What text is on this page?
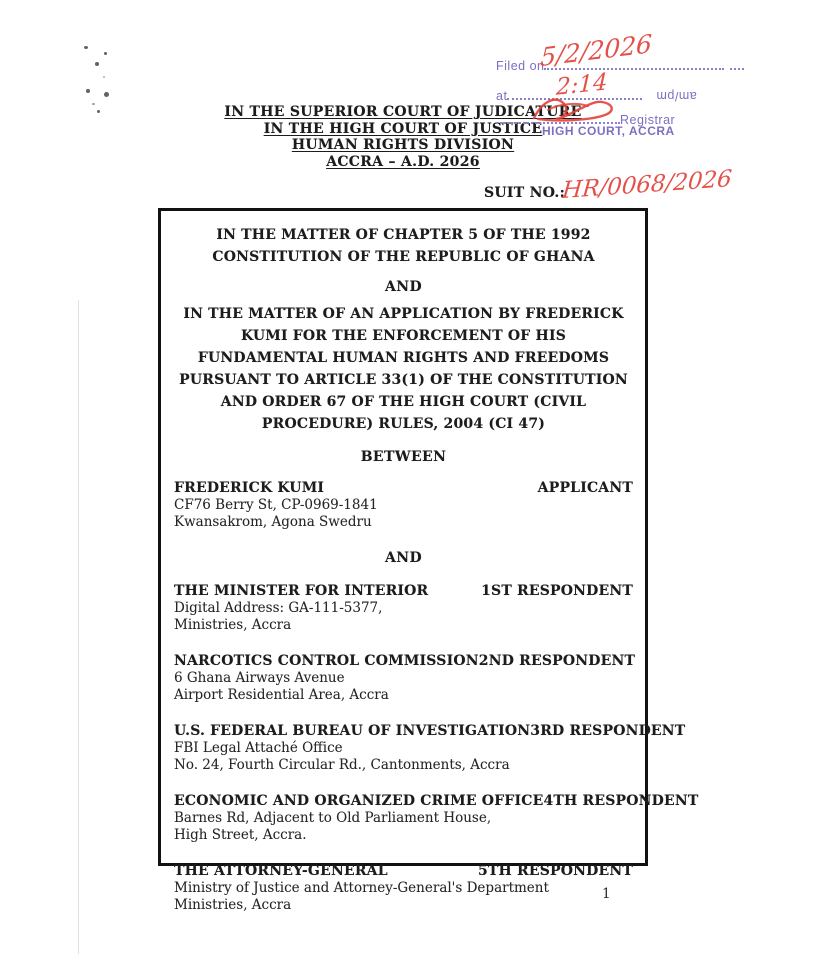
IN THE SUPERIOR COURT OF JUDICATURE
IN THE HIGH COURT OF JUSTICE
HUMAN RIGHTS DIVISION
ACCRA – A.D. 2026
SUIT NO.:
HR/0068/2026
Filed on
at	am/pm
Registrar
HIGH COURT, ACCRA
5/2/2026
2:14

IN THE MATTER OF CHAPTER 5 OF THE 1992 CONSTITUTION OF THE REPUBLIC OF GHANA

AND

IN THE MATTER OF AN APPLICATION BY FREDERICK KUMI FOR THE ENFORCEMENT OF HIS FUNDAMENTAL HUMAN RIGHTS AND FREEDOMS PURSUANT TO ARTICLE 33(1) OF THE CONSTITUTION AND ORDER 67 OF THE HIGH COURT (CIVIL PROCEDURE) RULES, 2004 (CI 47)

BETWEEN
FREDERICK KUMI	APPLICANT
CF76 Berry St, CP-0969-1841
Kwansakrom, Agona Swedru
AND
THE MINISTER FOR INTERIOR	1ST RESPONDENT
Digital Address: GA-111-5377,
Ministries, Accra
NARCOTICS CONTROL COMMISSION 2ND RESPONDENT
6 Ghana Airways Avenue
Airport Residential Area, Accra
U.S. FEDERAL BUREAU OF INVESTIGATION 3RD RESPONDENT
FBI Legal Attaché Office
No. 24, Fourth Circular Rd., Cantonments, Accra
ECONOMIC AND ORGANIZED CRIME OFFICE 4TH RESPONDENT
Barnes Rd, Adjacent to Old Parliament House,
High Street, Accra.
THE ATTORNEY-GENERAL	5TH RESPONDENT
Ministry of Justice and Attorney-General's Department
Ministries, Accra
1
